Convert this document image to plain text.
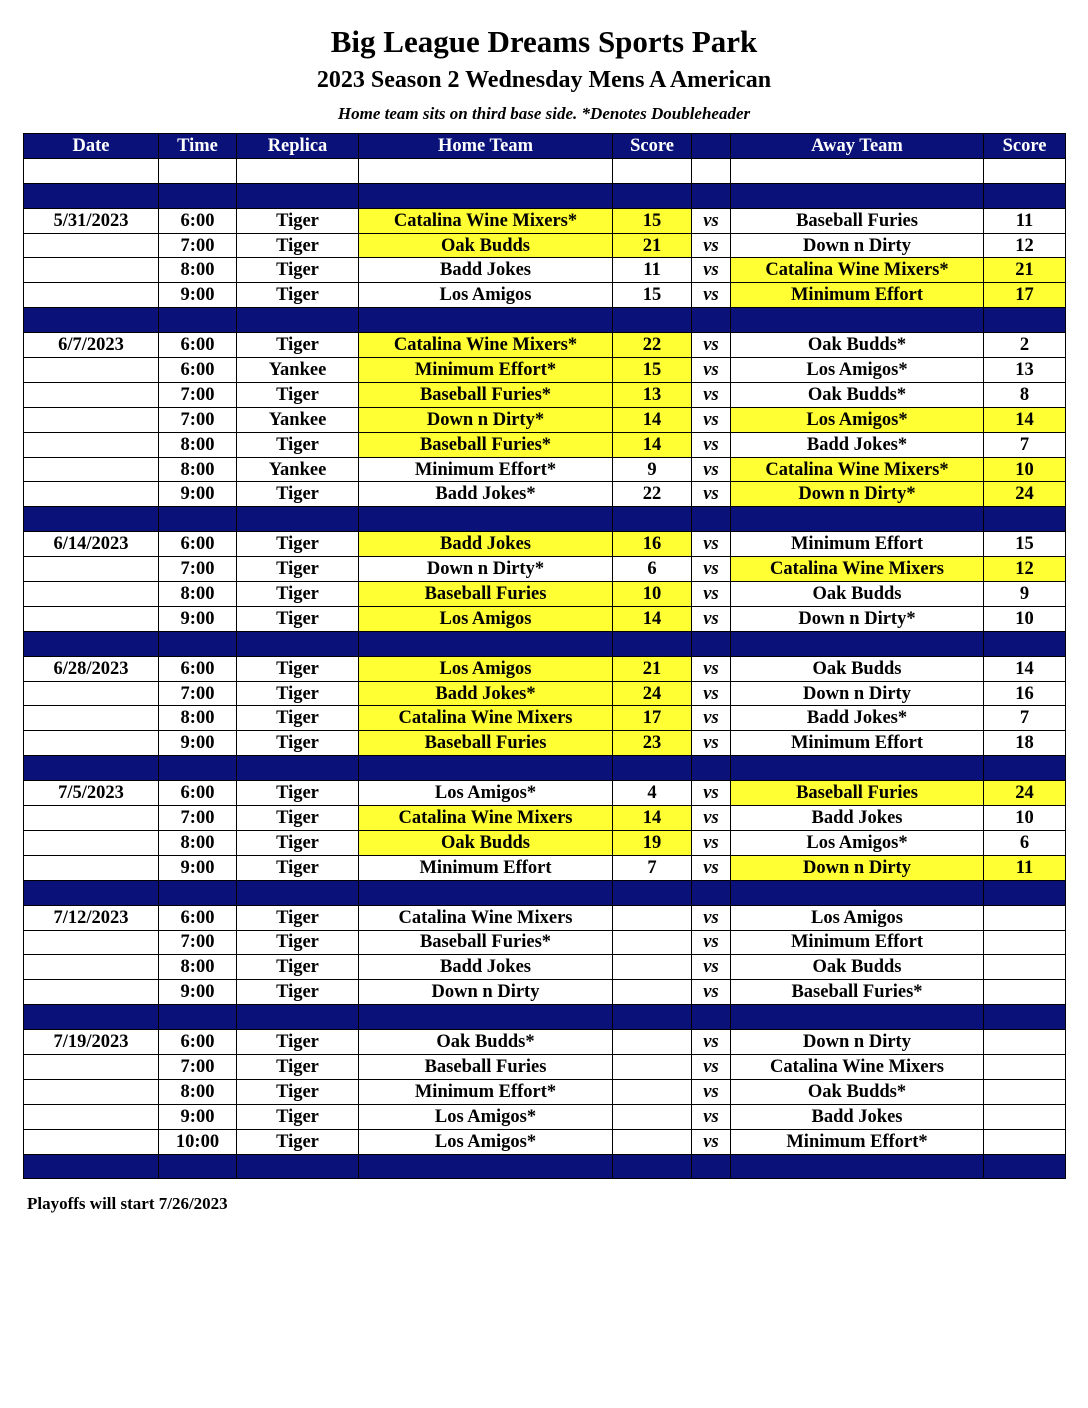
Big League Dreams Sports Park
2023 Season 2 Wednesday Mens A American
Home team sits on third base side. *Denotes Doubleheader
Date	Time	Replica	Home Team	Score		Away Team	Score

5/31/2023	6:00	Tiger	Catalina Wine Mixers*	15	vs	Baseball Furies	11
	7:00	Tiger	Oak Budds	21	vs	Down n Dirty	12
	8:00	Tiger	Badd Jokes	11	vs	Catalina Wine Mixers*	21
	9:00	Tiger	Los Amigos	15	vs	Minimum Effort	17

6/7/2023	6:00	Tiger	Catalina Wine Mixers*	22	vs	Oak Budds*	2
	6:00	Yankee	Minimum Effort*	15	vs	Los Amigos*	13
	7:00	Tiger	Baseball Furies*	13	vs	Oak Budds*	8
	7:00	Yankee	Down n Dirty*	14	vs	Los Amigos*	14
	8:00	Tiger	Baseball Furies*	14	vs	Badd Jokes*	7
	8:00	Yankee	Minimum Effort*	9	vs	Catalina Wine Mixers*	10
	9:00	Tiger	Badd Jokes*	22	vs	Down n Dirty*	24

6/14/2023	6:00	Tiger	Badd Jokes	16	vs	Minimum Effort	15
	7:00	Tiger	Down n Dirty*	6	vs	Catalina Wine Mixers	12
	8:00	Tiger	Baseball Furies	10	vs	Oak Budds	9
	9:00	Tiger	Los Amigos	14	vs	Down n Dirty*	10

6/28/2023	6:00	Tiger	Los Amigos	21	vs	Oak Budds	14
	7:00	Tiger	Badd Jokes*	24	vs	Down n Dirty	16
	8:00	Tiger	Catalina Wine Mixers	17	vs	Badd Jokes*	7
	9:00	Tiger	Baseball Furies	23	vs	Minimum Effort	18

7/5/2023	6:00	Tiger	Los Amigos*	4	vs	Baseball Furies	24
	7:00	Tiger	Catalina Wine Mixers	14	vs	Badd Jokes	10
	8:00	Tiger	Oak Budds	19	vs	Los Amigos*	6
	9:00	Tiger	Minimum Effort	7	vs	Down n Dirty	11

7/12/2023	6:00	Tiger	Catalina Wine Mixers		vs	Los Amigos	
	7:00	Tiger	Baseball Furies*		vs	Minimum Effort	
	8:00	Tiger	Badd Jokes		vs	Oak Budds	
	9:00	Tiger	Down n Dirty		vs	Baseball Furies*	

7/19/2023	6:00	Tiger	Oak Budds*		vs	Down n Dirty	
	7:00	Tiger	Baseball Furies		vs	Catalina Wine Mixers	
	8:00	Tiger	Minimum Effort*		vs	Oak Budds*	
	9:00	Tiger	Los Amigos*		vs	Badd Jokes	
	10:00	Tiger	Los Amigos*		vs	Minimum Effort*	

Playoffs will start 7/26/2023
